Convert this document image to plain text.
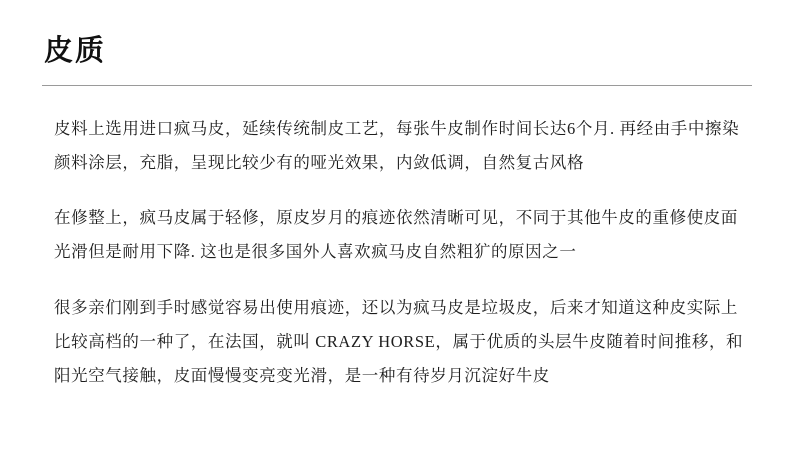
皮质

皮料上选用进口疯马皮，延续传统制皮工艺，每张牛皮制作时间长达6个月. 再经由手中擦染颜料涂层，充脂，呈现比较少有的哑光效果，内敛低调，自然复古风格

在修整上，疯马皮属于轻修，原皮岁月的痕迹依然清晰可见，不同于其他牛皮的重修使皮面光滑但是耐用下降. 这也是很多国外人喜欢疯马皮自然粗犷的原因之一

很多亲们刚到手时感觉容易出使用痕迹，还以为疯马皮是垃圾皮，后来才知道这种皮实际上比较高档的一种了，在法国，就叫 CRAZY HORSE，属于优质的头层牛皮随着时间推移，和阳光空气接触，皮面慢慢变亮变光滑，是一种有待岁月沉淀好牛皮
